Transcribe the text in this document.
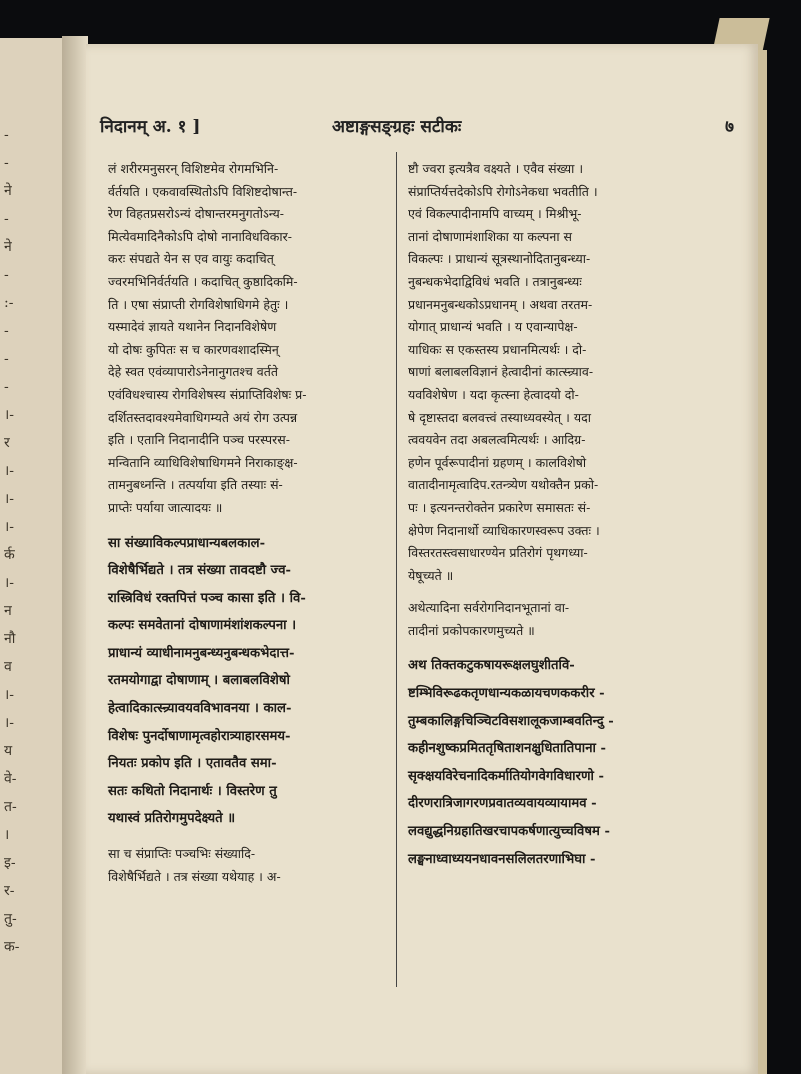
-
-
ने
-
ने
-
:-
-
-
-
।-
र
।-
।-
।-
र्क
।-
न
नौ
व
।-
।-
य
वे-
त-
।
इ-
र-
तु-
क-
निदानम् अ. १ ]	अष्टाङ्गसङ्ग्रहः सटीकः	७

लं शरीरमनुसरन् विशिष्टमेव रोगमभिनि-
र्वर्तयति । एकवावस्थितोऽपि विशिष्टदोषान्त-
रेण विहतप्रसरोऽन्यं दोषान्तरमनुगतोऽन्य-
मित्येवमादिनैकोऽपि दोषो नानाविधविकार-
करः संपद्यते येन स एव वायुः कदाचित्
ज्वरमभिनिर्वर्तयति । कदाचित् कुष्ठादिकमि-
ति । एषा संप्राप्ती रोगविशेषाधिगमे हेतुः ।
यस्मादेवं ज्ञायते यथानेन निदानविशेषेण
यो दोषः कुपितः स च कारणवशादस्मिन्
देहे स्वत एवंव्यापारोऽनेनानुगतश्च वर्तते
एवंविधश्चास्य रोगविशेषस्य संप्राप्तिविशेषः प्र-
दर्शितस्तदावश्यमेवाधिगम्यते अयं रोग उत्पन्न
इति । एतानि निदानादीनि पञ्च परस्परस-
मन्वितानि व्याधिविशेषाधिगमने निराकाङ्क्ष-
तामनुबध्नन्ति । तत्पर्याया इति तस्याः सं-
प्राप्तेः पर्याया जात्यादयः ॥

सा संख्याविकल्पप्राधान्यबलकाल-
विशेषैर्भिद्यते । तत्र संख्या तावदष्टौ ज्व-
रास्त्रिविधं रक्तपित्तं पञ्च कासा इति । वि-
कल्पः समवेतानां दोषाणामंशांशकल्पना ।
प्राधान्यं व्याधीनामनुबन्ध्यनुबन्धकभेदात्त-
रतमयोगाद्वा दोषाणाम् । बलाबलविशेषो
हेत्वादिकात्स्न्र्यावयवविभावनया । काल-
विशेषः पुनर्दोषाणामृत्वहोरात्र्याहारसमय-
नियतः प्रकोप इति । एतावतैव समा-
सतः कथितो निदानार्थः । विस्तरेण तु
यथास्वं प्रतिरोगमुपदेक्ष्यते ॥

सा च संप्राप्तिः पञ्चभिः संख्यादि-
विशेषैर्भिद्यते । तत्र संख्या यथेयाह । अ-

ष्टौ ज्वरा इत्यत्रैव वक्ष्यते । एवैव संख्या ।
संप्राप्तिर्यत्तदेकोऽपि रोगोऽनेकधा भवतीति ।
एवं विकल्पादीनामपि वाच्यम् । मिश्रीभू-
तानां दोषाणामंशाशिका या कल्पना स
विकल्पः । प्राधान्यं सूत्रस्थानोदितानुबन्ध्या-
नुबन्धकभेदाद्विविधं भवति । तत्रानुबन्ध्यः
प्रधानमनुबन्धकोऽप्रधानम् । अथवा तरतम-
योगात् प्राधान्यं भवति । य एवान्यापेक्ष-
याधिकः स एकस्तस्य प्रधानमित्यर्थः । दो-
षाणां बलाबलविज्ञानं हेत्वादीनां कात्स्न्र्याव-
यवविशेषेण । यदा कृत्स्ना हेत्वादयो दो-
षे दृष्टास्तदा बलवत्त्वं तस्याध्यवस्येत् । यदा
त्ववयवेन तदा अबलत्वमित्यर्थः । आदिग्र-
हणेन पूर्वरूपादीनां ग्रहणम् । कालविशेषो
वातादीनामृत्वादिप.रतन्त्र्येण यथोक्तैन प्रको-
पः । इत्यनन्तरोक्तेन प्रकारेण समासतः सं-
क्षेपेण निदानार्थो व्याधिकारणस्वरूप उक्तः ।
विस्तरतस्त्वसाधारण्येन प्रतिरोगं पृथगध्या-
येषूच्यते ॥

अथेत्यादिना सर्वरोगनिदानभूतानां वा-
तादीनां प्रकोपकारणमुच्यते ॥

अथ तिक्तकटुकषायरूक्षलघुशीतवि-
ष्टम्भिविरूढकतृणधान्यकळायचणककरीर -
तुम्बकालिङ्गचिञ्चिटविसशालूकजाम्बवतिन्दु -
कहीनशुष्कप्रमिततृषिताशनक्षुधितातिपाना -
सृक्क्षयविरेचनादिकर्मातियोगवेगविधारणो -
दीरणरात्रिजागरणप्रवातव्यवायव्यायामव -
लवद्युद्धनिग्रहातिखरचापकर्षणात्युच्चविषम -
लङ्घनाध्वाध्ययनधावनसलिलतरणाभिघा -
